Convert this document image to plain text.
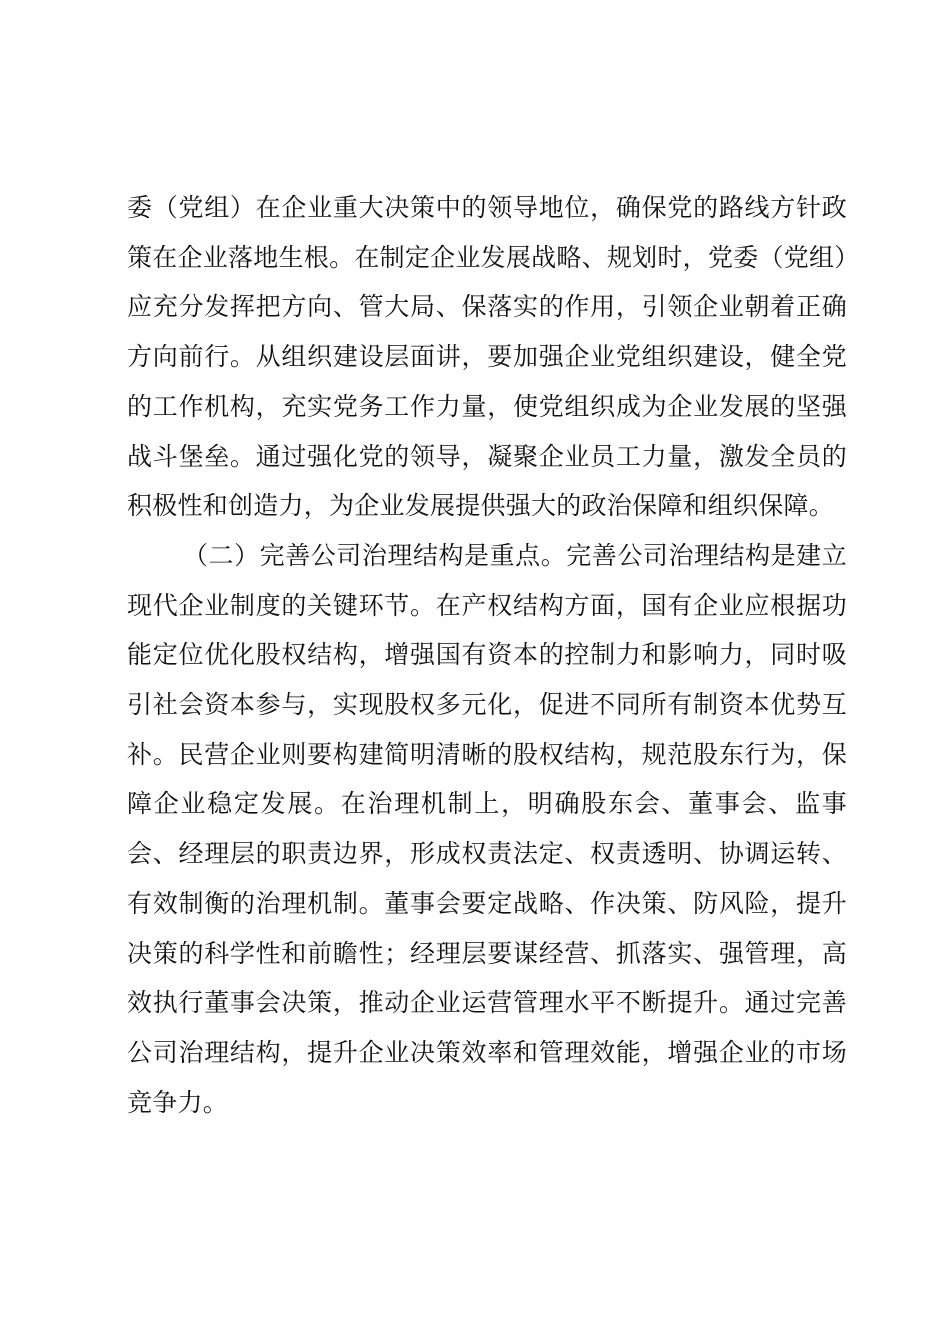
委（党组）在企业重大决策中的领导地位，确保党的路线方针政策在企业落地生根。在制定企业发展战略、规划时，党委（党组）应充分发挥把方向、管大局、保落实的作用，引领企业朝着正确方向前行。从组织建设层面讲，要加强企业党组织建设，健全党的工作机构，充实党务工作力量，使党组织成为企业发展的坚强战斗堡垒。通过强化党的领导，凝聚企业员工力量，激发全员的积极性和创造力，为企业发展提供强大的政治保障和组织保障。

（二）完善公司治理结构是重点。完善公司治理结构是建立现代企业制度的关键环节。在产权结构方面，国有企业应根据功能定位优化股权结构，增强国有资本的控制力和影响力，同时吸引社会资本参与，实现股权多元化，促进不同所有制资本优势互补。民营企业则要构建简明清晰的股权结构，规范股东行为，保障企业稳定发展。在治理机制上，明确股东会、董事会、监事会、经理层的职责边界，形成权责法定、权责透明、协调运转、有效制衡的治理机制。董事会要定战略、作决策、防风险，提升决策的科学性和前瞻性；经理层要谋经营、抓落实、强管理，高效执行董事会决策，推动企业运营管理水平不断提升。通过完善公司治理结构，提升企业决策效率和管理效能，增强企业的市场竞争力。
